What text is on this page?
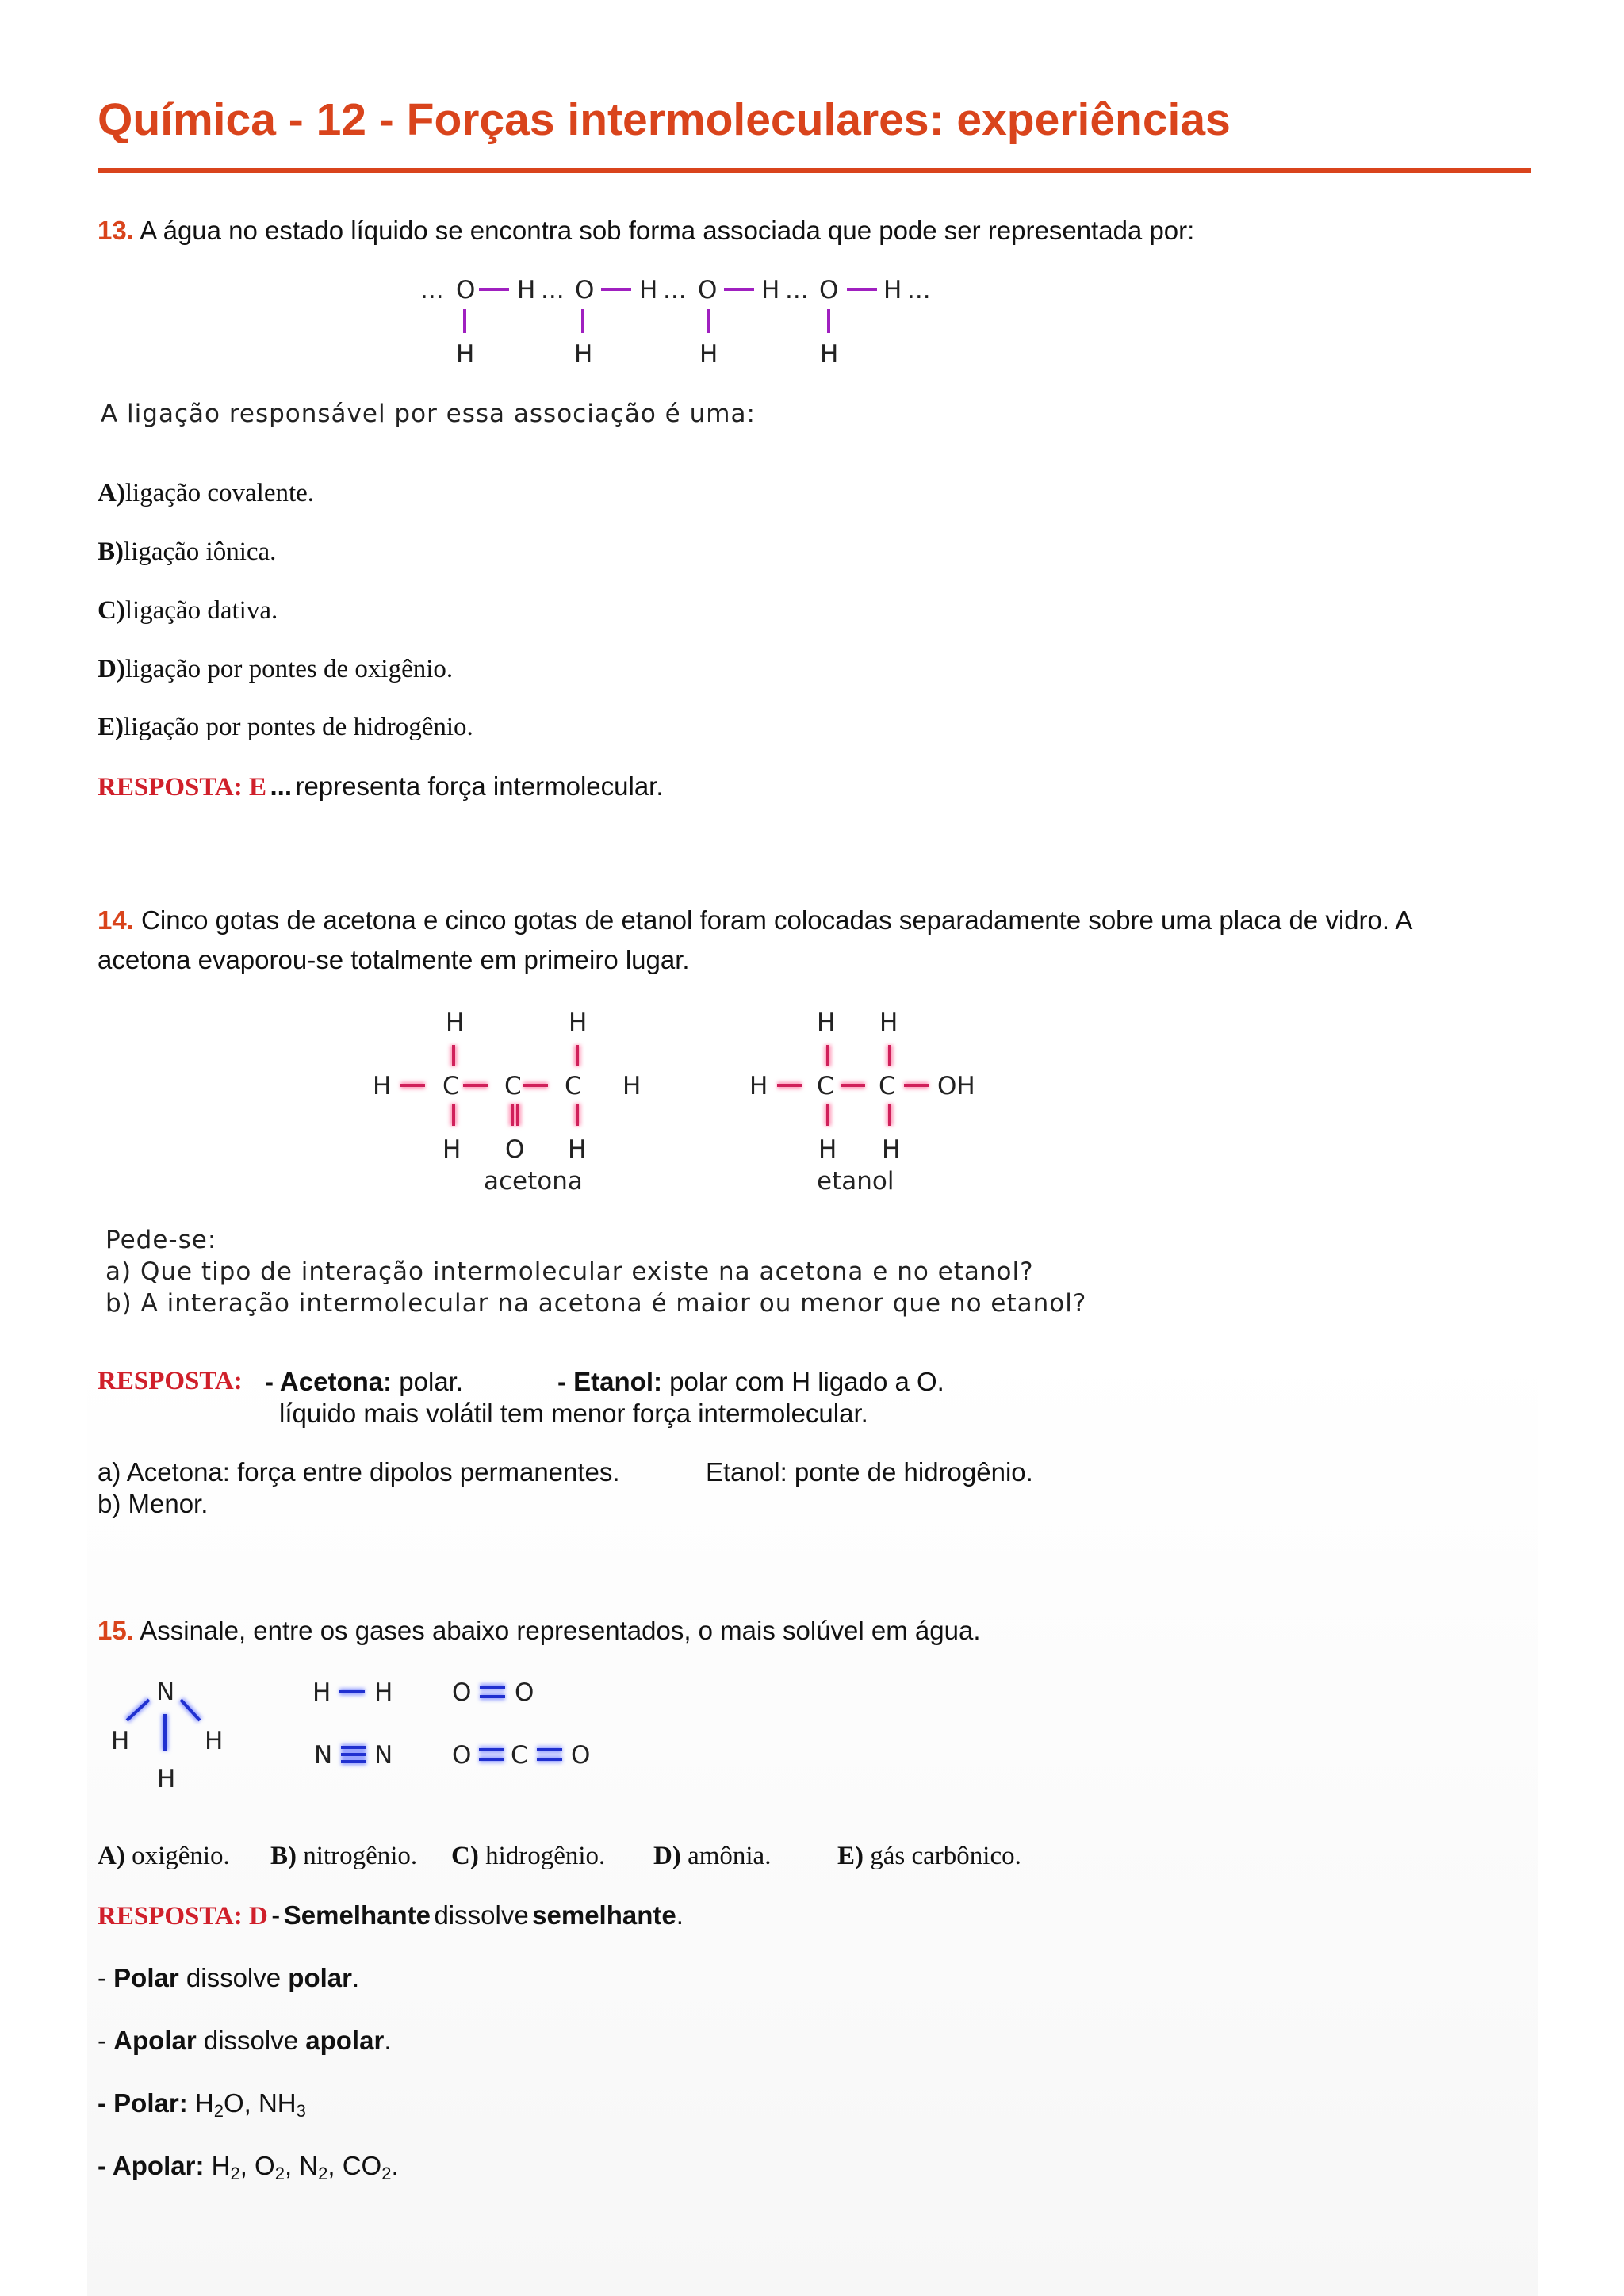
Química - 12 - Forças intermoleculares: experiências
13. A água no estado líquido se encontra sob forma associada que pode ser representada por:
... O H ... O H ... O H ... O H ...
H	H	H	H
A ligação responsável por essa associação é uma:
A)ligação covalente.
B)ligação iônica.
C)ligação dativa.
D)ligação por pontes de oxigênio.
E)ligação por pontes de hidrogênio.
RESPOSTA: E ... representa força intermolecular.
14. Cinco gotas de acetona e cinco gotas de etanol foram colocadas separadamente sobre uma placa de vidro. A
acetona evaporou-se totalmente em primeiro lugar.
H	H
H C C C H
H O H
acetona
H H
H C C OH
H H
etanol
Pede-se:
a) Que tipo de interação intermolecular existe na acetona e no etanol?
b) A interação intermolecular na acetona é maior ou menor que no etanol?
RESPOSTA: - Acetona: polar.	- Etanol: polar com H ligado a O.
líquido mais volátil tem menor força intermolecular.
a) Acetona: força entre dipolos permanentes.	Etanol: ponte de hidrogênio.
b) Menor.
15. Assinale, entre os gases abaixo representados, o mais solúvel em água.
N
H	H
H
H H O O
N N O C O
A) oxigênio. B) nitrogênio. C) hidrogênio. D) amônia.	E) gás carbônico.
RESPOSTA: D - Semelhante dissolve semelhante.
- Polar dissolve polar.
- Apolar dissolve apolar.
- Polar: $H_2O$, $NH_3$
- Apolar: $H_2$, $O_2$, $N_2$, $CO_2$.
